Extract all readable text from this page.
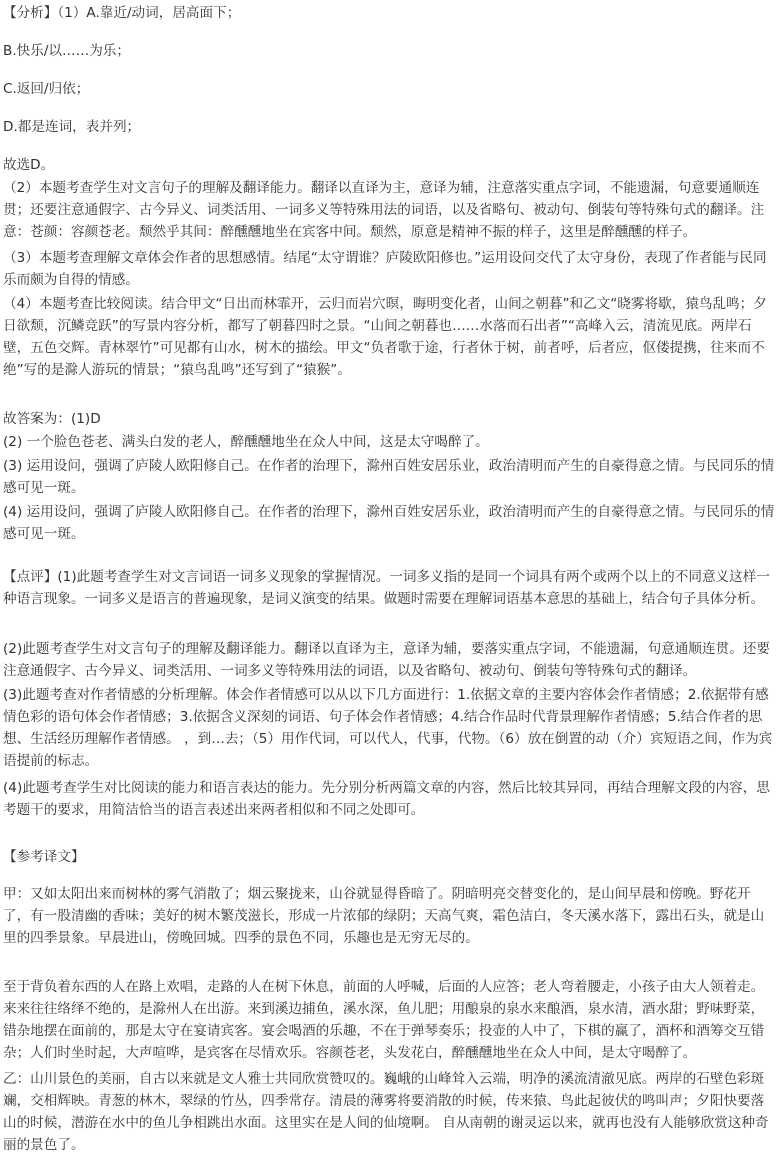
【分析】（1）A.靠近/动词，居高面下；

B.快乐/以……为乐；

C.返回/归依；

D.都是连词，表并列；

故选D。

（2）本题考查学生对文言句子的理解及翻译能力。翻译以直译为主，意译为辅，注意落实重点字词，不能遗漏，句意要通顺连贯；还要注意通假字、古今异义、词类活用、一词多义等特殊用法的词语，以及省略句、被动句、倒装句等特殊句式的翻译。注意：苍颜：容颜苍老。颓然乎其间：醉醺醺地坐在宾客中间。颓然，原意是精神不振的样子，这里是醉醺醺的样子。

（3）本题考查理解文章体会作者的思想感情。结尾“太守谓谁？庐陵欧阳修也。”运用设问交代了太守身份，表现了作者能与民同乐而颇为自得的情感。

（4）本题考查比较阅读。结合甲文“日出而林霏开，云归而岩穴暝，晦明变化者，山间之朝暮”和乙文“晓雾将歇，猿鸟乱鸣；夕日欲颓，沉鳞竞跃”的写景内容分析，都写了朝暮四时之景。“山间之朝暮也……水落而石出者”“高峰入云，清流见底。两岸石壁，五色交辉。青林翠竹”可见都有山水，树木的描绘。甲文“负者歌于途，行者休于树，前者呼，后者应，伛偻提携，往来而不绝”写的是滁人游玩的情景；“猿鸟乱鸣”还写到了“猿猴”。

故答案为：(1)D

(2) 一个脸色苍老、满头白发的老人，醉醺醺地坐在众人中间，这是太守喝醉了。

(3) 运用设问，强调了庐陵人欧阳修自己。在作者的治理下，滁州百姓安居乐业，政治清明而产生的自豪得意之情。与民同乐的情感可见一斑。

(4) 运用设问，强调了庐陵人欧阳修自己。在作者的治理下，滁州百姓安居乐业，政治清明而产生的自豪得意之情。与民同乐的情感可见一斑。

【点评】(1)此题考查学生对文言词语一词多义现象的掌握情况。一词多义指的是同一个词具有两个或两个以上的不同意义这样一种语言现象。一词多义是语言的普遍现象，是词义演变的结果。做题时需要在理解词语基本意思的基础上，结合句子具体分析。

(2)此题考查学生对文言句子的理解及翻译能力。翻译以直译为主，意译为辅，要落实重点字词，不能遗漏，句意通顺连贯。还要注意通假字、古今异义、词类活用、一词多义等特殊用法的词语，以及省略句、被动句、倒装句等特殊句式的翻译。

(3)此题考查对作者情感的分析理解。体会作者情感可以从以下几方面进行：1.依据文章的主要内容体会作者情感；2.依据带有感情色彩的语句体会作者情感；3.依据含义深刻的词语、句子体会作者情感；4.结合作品时代背景理解作者情感；5.结合作者的思想、生活经历理解作者情感。 ，到…去；（5）用作代词，可以代人，代事，代物。（6）放在倒置的动（介）宾短语之间，作为宾语提前的标志。

(4)此题考查学生对比阅读的能力和语言表达的能力。先分别分析两篇文章的内容，然后比较其异同，再结合理解文段的内容，思考题干的要求，用简洁恰当的语言表述出来两者相似和不同之处即可。

【参考译文】

甲：又如太阳出来而树林的雾气消散了；烟云聚拢来，山谷就显得昏暗了。阴暗明亮交替变化的，是山间早晨和傍晚。野花开了，有一股清幽的香味；美好的树木繁茂滋长，形成一片浓郁的绿阴；天高气爽，霜色洁白，冬天溪水落下，露出石头，就是山里的四季景象。早晨进山，傍晚回城。四季的景色不同，乐趣也是无穷无尽的。

至于背负着东西的人在路上欢唱，走路的人在树下休息，前面的人呼喊，后面的人应答；老人弯着腰走，小孩子由大人领着走。来来往往络绎不绝的，是滁州人在出游。来到溪边捕鱼，溪水深，鱼儿肥；用酿泉的泉水来酿酒，泉水清，酒水甜；野味野菜，错杂地摆在面前的，那是太守在宴请宾客。宴会喝酒的乐趣，不在于弹琴奏乐；投壶的人中了，下棋的赢了，酒杯和酒筹交互错杂；人们时坐时起，大声喧哗，是宾客在尽情欢乐。容颜苍老，头发花白，醉醺醺地坐在众人中间，是太守喝醉了。

乙：山川景色的美丽，自古以来就是文人雅士共同欣赏赞叹的。巍峨的山峰耸入云端，明净的溪流清澈见底。两岸的石壁色彩斑斓，交相辉映。青葱的林木，翠绿的竹丛，四季常存。清晨的薄雾将要消散的时候，传来猿、鸟此起彼伏的鸣叫声；夕阳快要落山的时候，潜游在水中的鱼儿争相跳出水面。这里实在是人间的仙境啊。 自从南朝的谢灵运以来，就再也没有人能够欣赏这种奇丽的景色了。
